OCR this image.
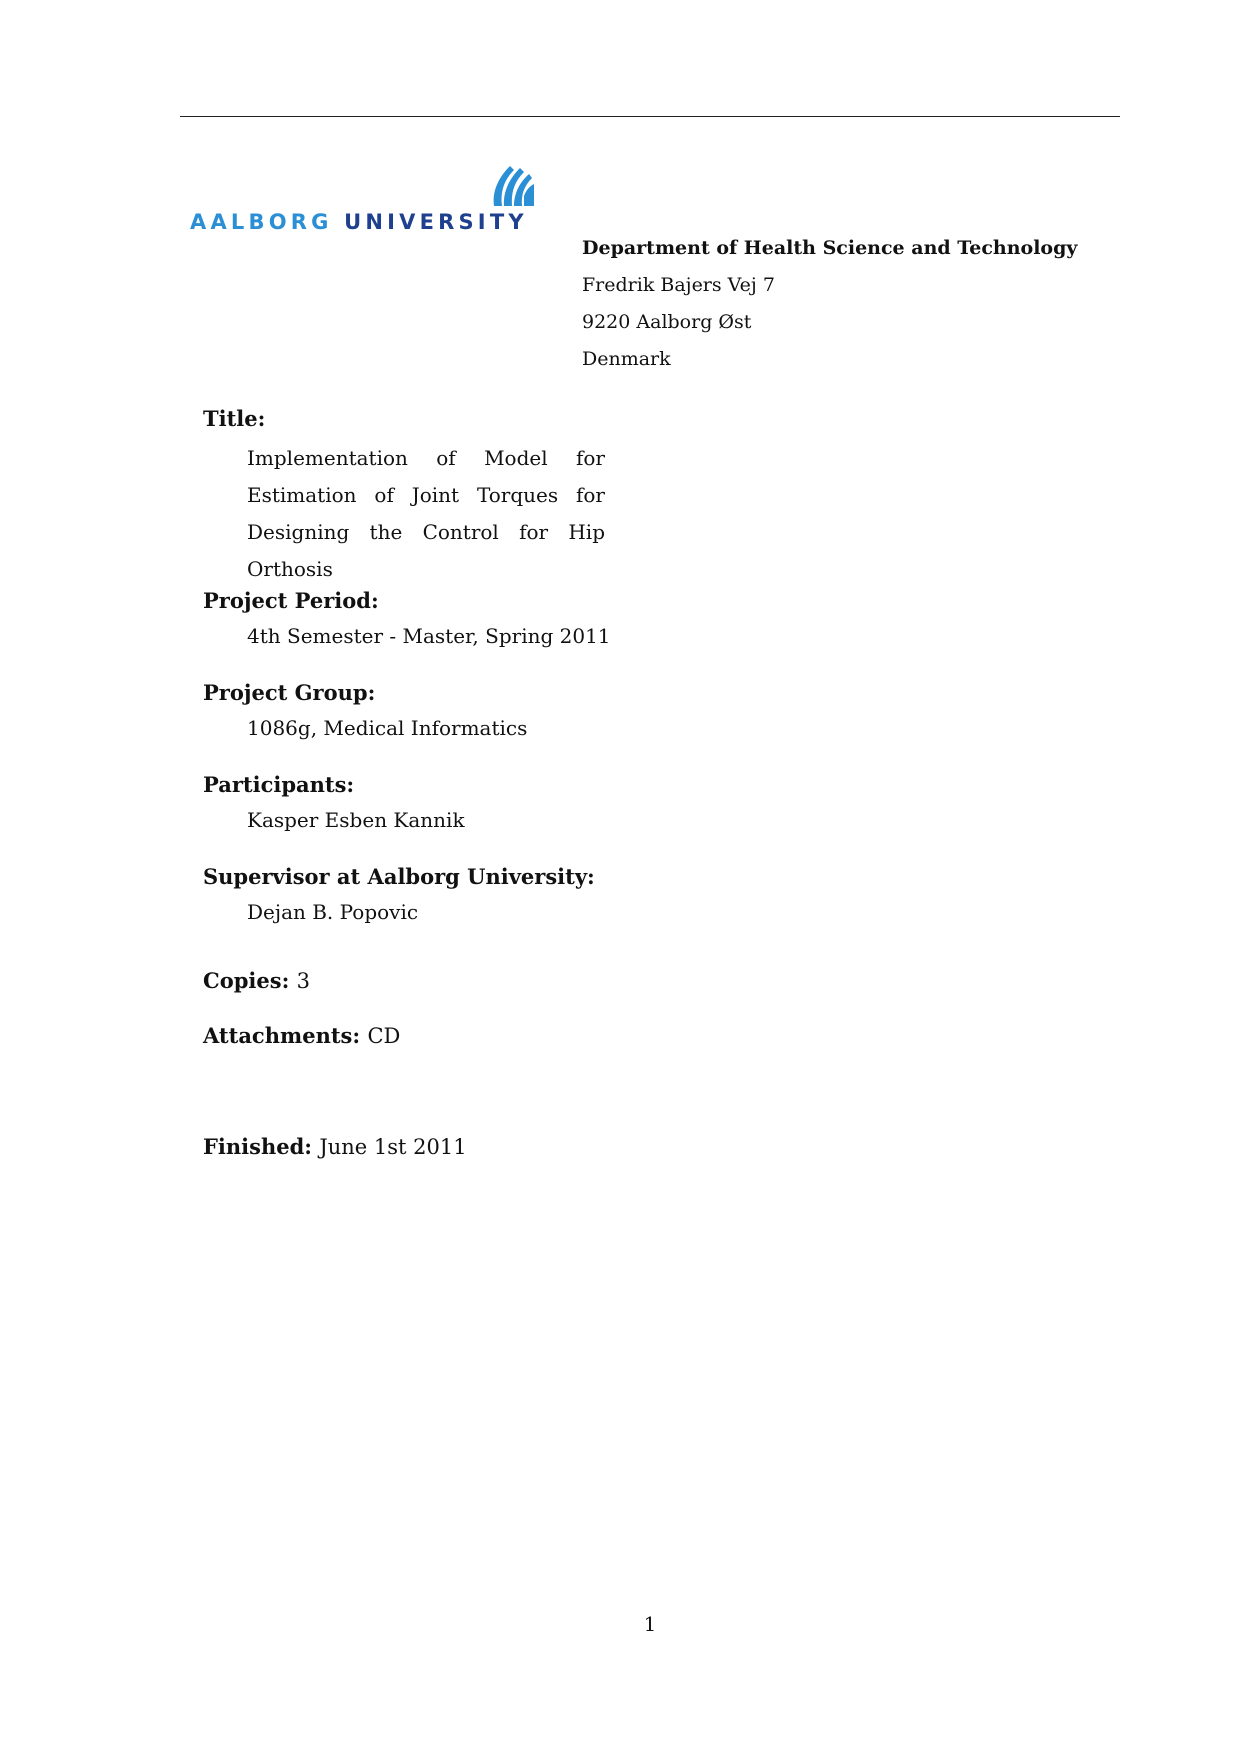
AALBORG UNIVERSITY
Department of Health Science and Technology
Fredrik Bajers Vej 7
9220 Aalborg Øst
Denmark
Title:
Implementation of Model for Estimation of Joint Torques for Designing the Control for Hip Orthosis
Project Period:
4th Semester - Master, Spring 2011
Project Group:
1086g, Medical Informatics
Participants:
Kasper Esben Kannik
Supervisor at Aalborg University:
Dejan B. Popovic
Copies: 3
Attachments: CD
Finished: June 1st 2011
1
